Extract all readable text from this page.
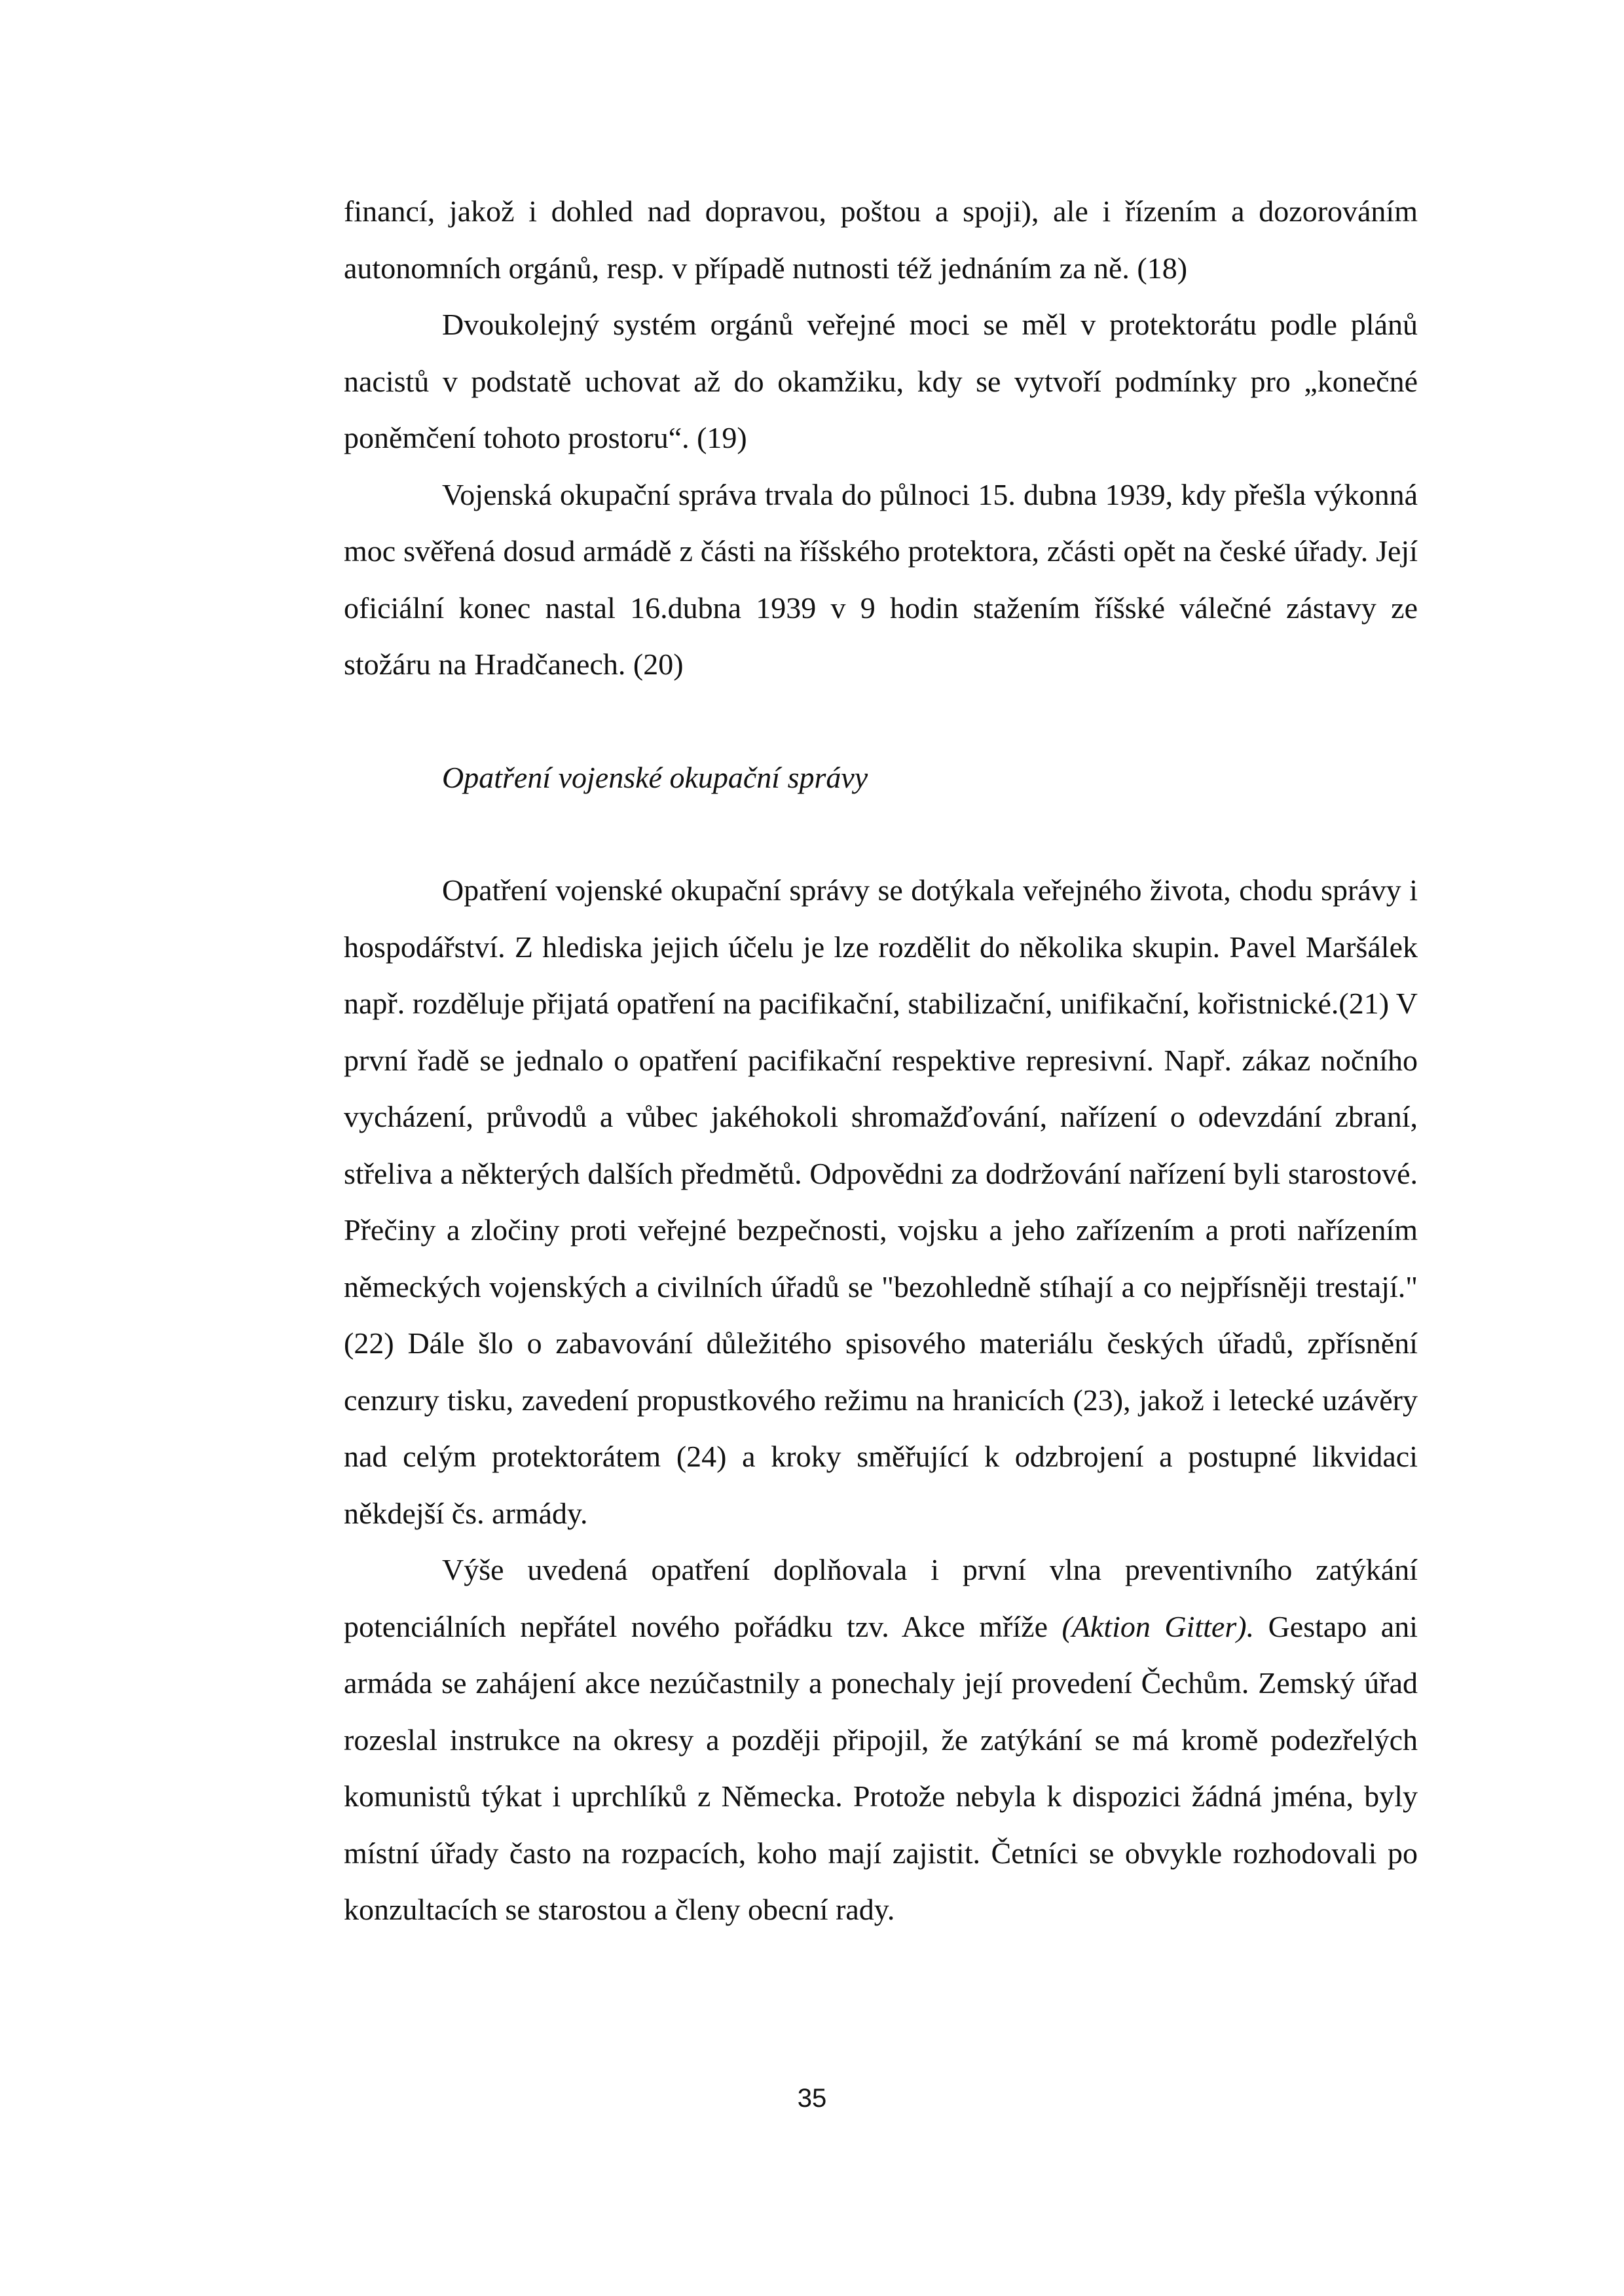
financí, jakož i dohled nad dopravou, poštou a spoji), ale i řízením a dozorováním autonomních orgánů, resp. v případě nutnosti též jednáním za ně. (18)

Dvoukolejný systém orgánů veřejné moci se měl v protektorátu podle plánů nacistů v podstatě uchovat až do okamžiku, kdy se vytvoří podmínky pro „konečné poněmčení tohoto prostoru“. (19)

Vojenská okupační správa trvala do půlnoci 15. dubna 1939, kdy přešla výkonná moc svěřená dosud armádě z části na říšského protektora, zčásti opět na české úřady. Její oficiální konec nastal 16.dubna 1939 v 9 hodin stažením říšské válečné zástavy ze stožáru na Hradčanech. (20)

Opatření vojenské okupační správy

Opatření vojenské okupační správy se dotýkala veřejného života, chodu správy i hospodářství. Z hlediska jejich účelu je lze rozdělit do několika skupin. Pavel Maršálek např. rozděluje přijatá opatření na pacifikační, stabilizační, unifikační, kořistnické.(21) V první řadě se jednalo o opatření pacifikační respektive represivní. Např. zákaz nočního vycházení, průvodů a vůbec jakéhokoli shromažďování, nařízení o odevzdání zbraní, střeliva a některých dalších předmětů. Odpovědni za dodržování nařízení byli starostové. Přečiny a zločiny proti veřejné bezpečnosti, vojsku a jeho zařízením a proti nařízením německých vojenských a civilních úřadů se "bezohledně stíhají a co nejpřísněji trestají." (22) Dále šlo o zabavování důležitého spisového materiálu českých úřadů, zpřísnění cenzury tisku, zavedení propustkového režimu na hranicích (23), jakož i letecké uzávěry nad celým protektorátem (24) a kroky směřující k odzbrojení a postupné likvidaci někdejší čs. armády.

Výše uvedená opatření doplňovala i první vlna preventivního zatýkání potenciálních nepřátel nového pořádku tzv. Akce mříže (Aktion Gitter). Gestapo ani armáda se zahájení akce nezúčastnily a ponechaly její provedení Čechům. Zemský úřad rozeslal instrukce na okresy a později připojil, že zatýkání se má kromě podezřelých komunistů týkat i uprchlíků z Německa. Protože nebyla k dispozici žádná jména, byly místní úřady často na rozpacích, koho mají zajistit. Četníci se obvykle rozhodovali po konzultacích se starostou a členy obecní rady.

35
